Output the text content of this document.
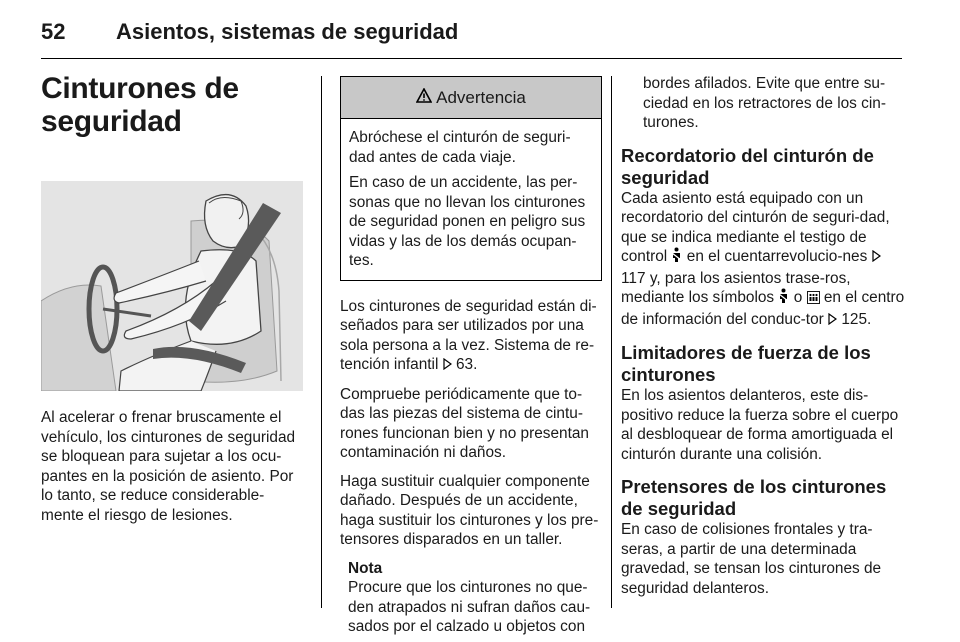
52 Asientos, sistemas de seguridad
Cinturones de
seguridad

Al acelerar o frenar bruscamente el vehículo, los cinturones de seguridad se bloquean para sujetar a los ocu-pantes en la posición de asiento. Por lo tanto, se reduce considerable-mente el riesgo de lesiones.

Advertencia

Abróchese el cinturón de seguri-dad antes de cada viaje.

En caso de un accidente, las per-sonas que no llevan los cinturones de seguridad ponen en peligro sus vidas y las de los demás ocupan-tes.

Los cinturones de seguridad están di-señados para ser utilizados por una sola persona a la vez. Sistema de re-tención infantil 63.

Compruebe periódicamente que to-das las piezas del sistema de cintu-rones funcionan bien y no presentan contaminación ni daños.

Haga sustituir cualquier componente dañado. Después de un accidente, haga sustituir los cinturones y los pre-tensores disparados en un taller.

Nota

Procure que los cinturones no que-den atrapados ni sufran daños cau-sados por el calzado u objetos con

bordes afilados. Evite que entre su-ciedad en los retractores de los cin-turones.

Recordatorio del cinturón de seguridad

Cada asiento está equipado con un recordatorio del cinturón de seguri-dad, que se indica mediante el testigo de control en el cuentarrevolucio-nes  117 y, para los asientos trase-ros, mediante los símbolos o en el centro de información del conduc-tor 125.

Limitadores de fuerza de los cinturones

En los asientos delanteros, este dis-positivo reduce la fuerza sobre el cuerpo al desbloquear de forma amortiguada el cinturón durante una colisión.

Pretensores de los cinturones de seguridad

En caso de colisiones frontales y tra-seras, a partir de una determinada gravedad, se tensan los cinturones de seguridad delanteros.
